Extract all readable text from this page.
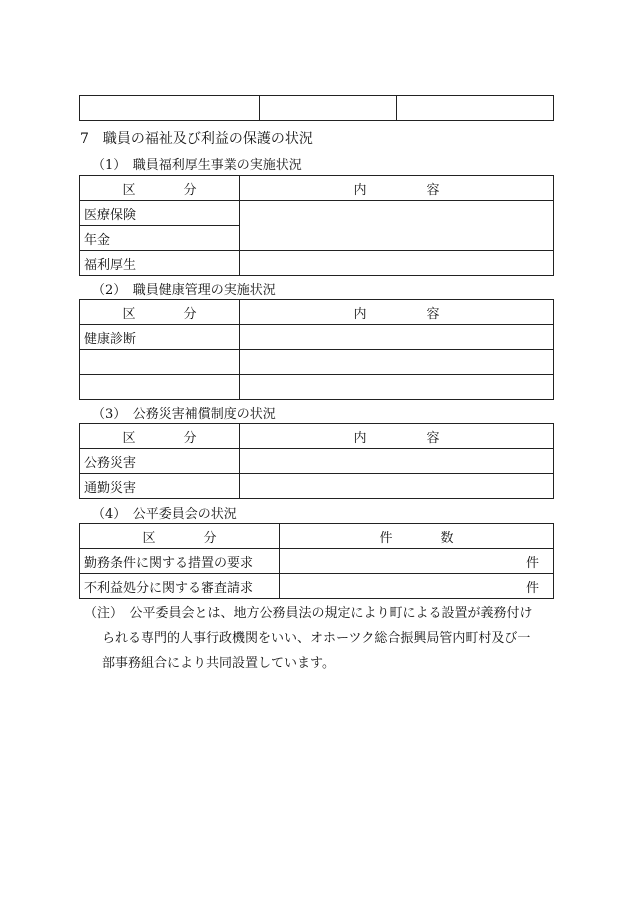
7　職員の福祉及び利益の保護の状況
（1）　職員福利厚生事業の実施状況
区 分	内 容
医療保険	
年金	
福利厚生	
（2）　職員健康管理の実施状況
区 分	内 容
健康診断	

（3）　公務災害補償制度の状況
区 分	内 容
公務災害	
通勤災害	
（4）　公平委員会の状況
区 分	件 数
勤務条件に関する措置の要求	件
不利益処分に関する審査請求	件
（注）　公平委員会とは、地方公務員法の規定により町による設置が義務付け
られる専門的人事行政機関をいい、オホーツク総合振興局管内町村及び一
部事務組合により共同設置しています。
